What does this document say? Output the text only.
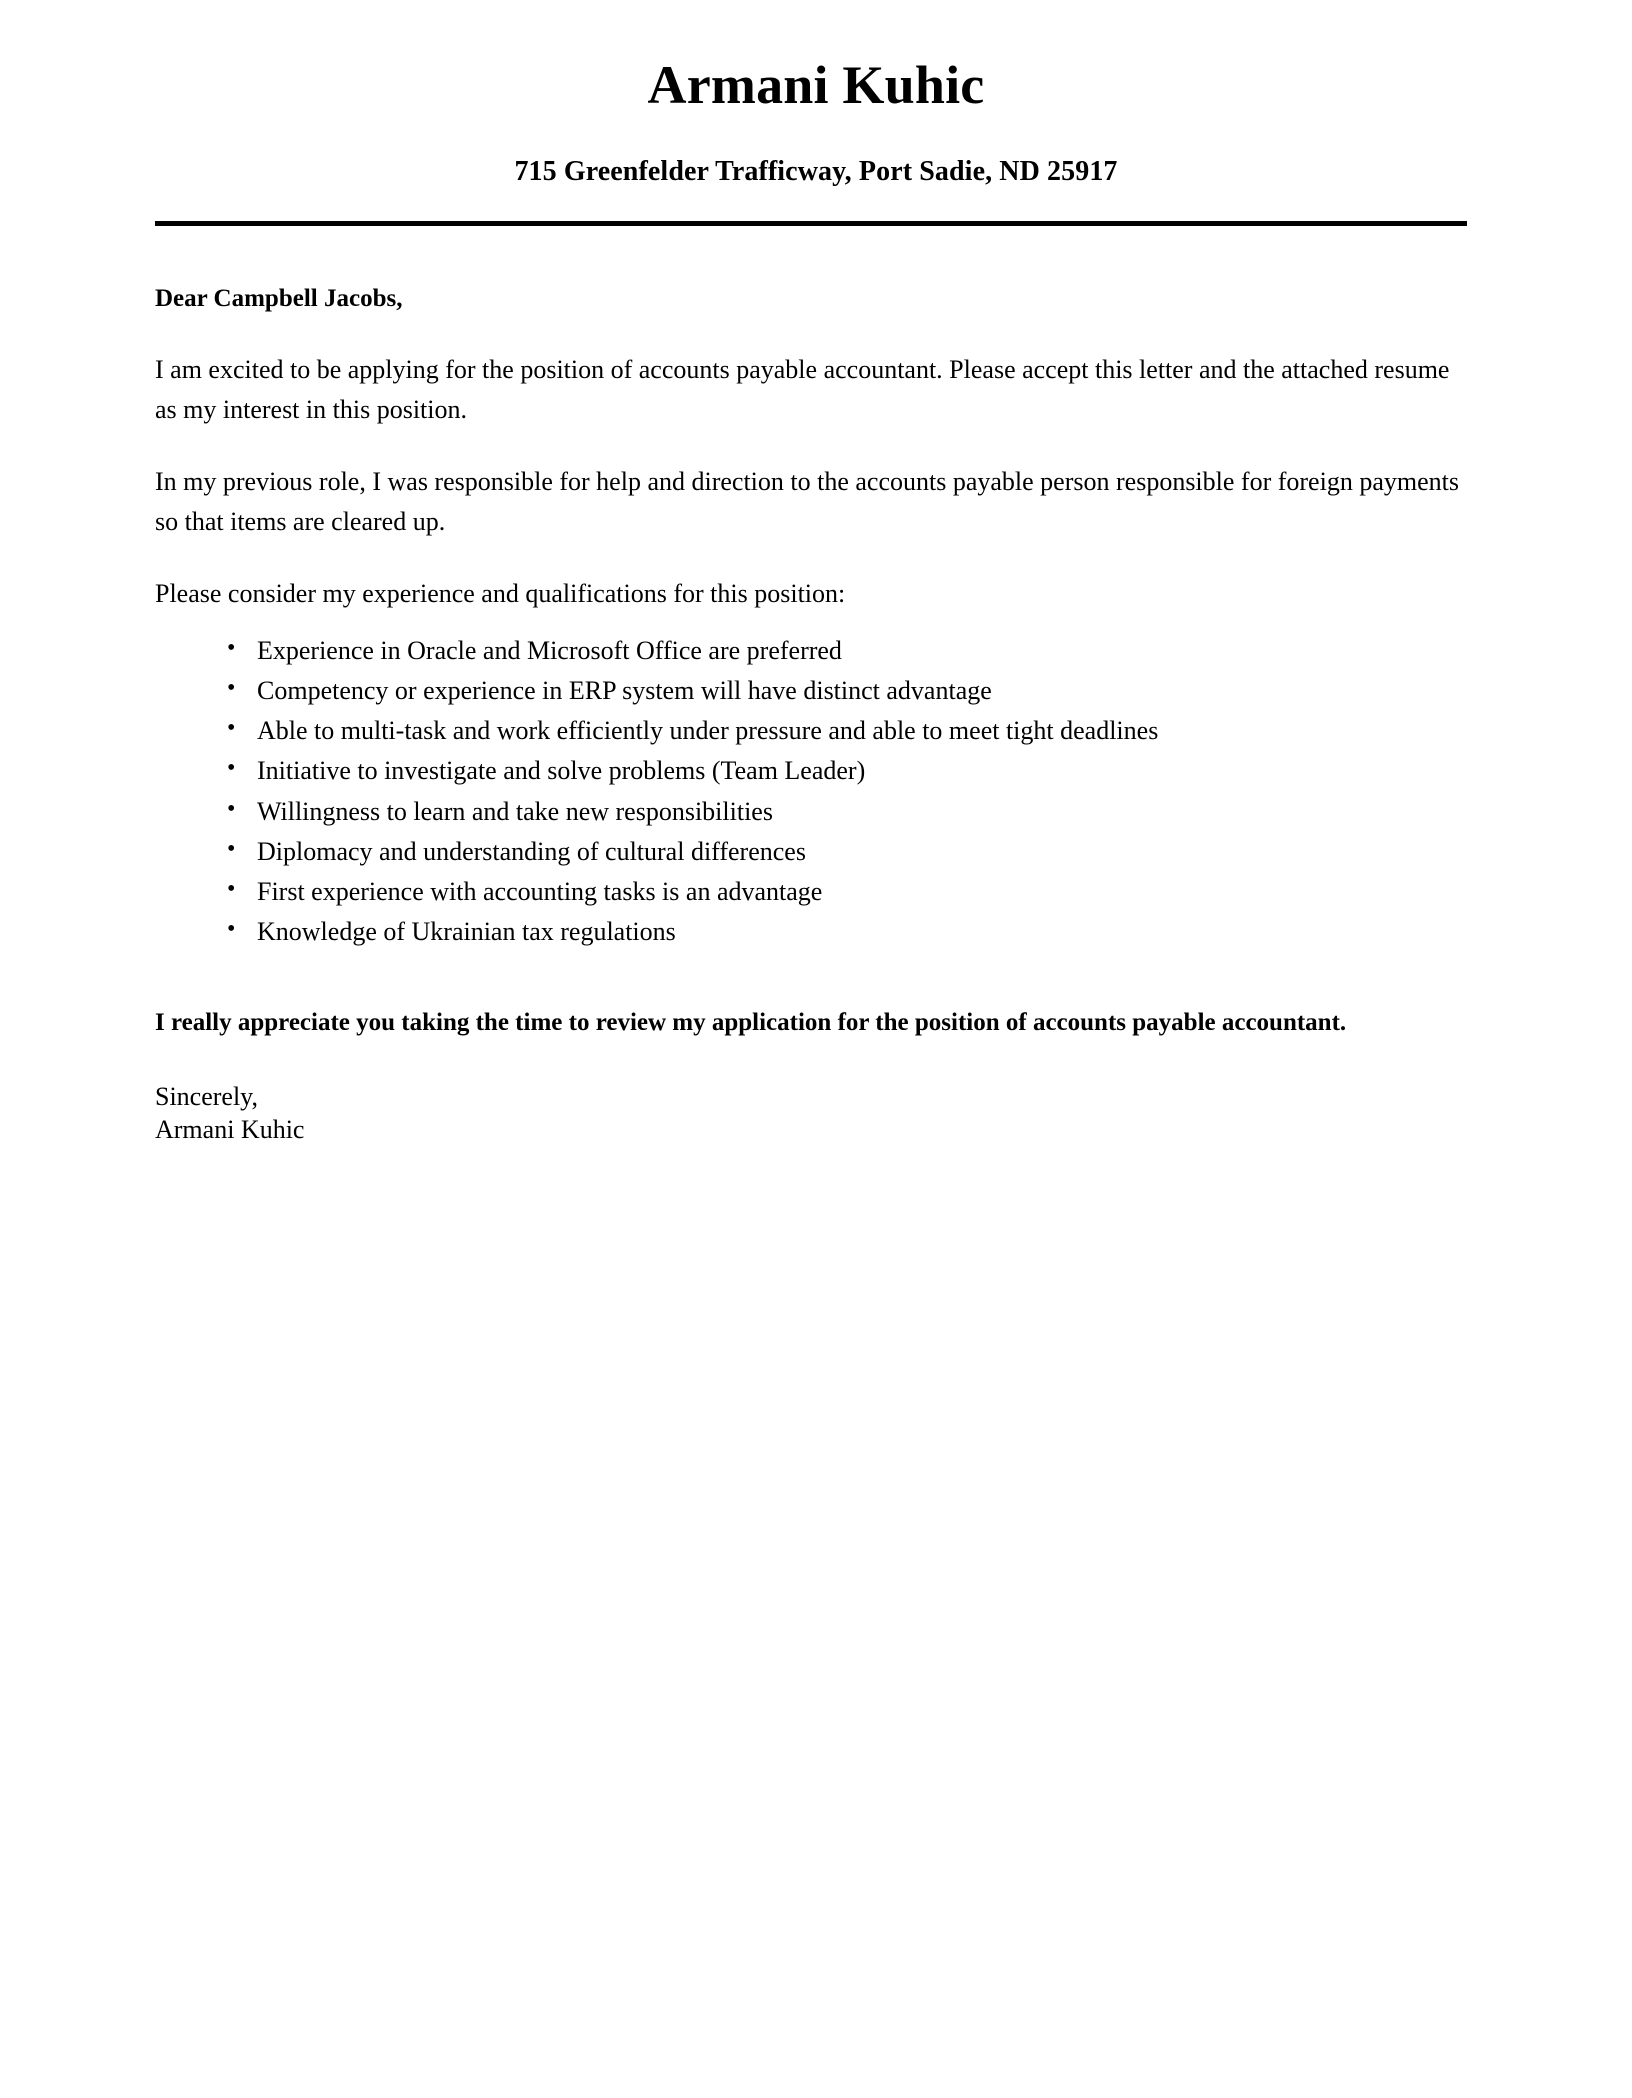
Armani Kuhic

715 Greenfelder Trafficway, Port Sadie, ND 25917

Dear Campbell Jacobs,

I am excited to be applying for the position of accounts payable accountant. Please accept this letter and the attached resume as my interest in this position.

In my previous role, I was responsible for help and direction to the accounts payable person responsible for foreign payments so that items are cleared up.

Please consider my experience and qualifications for this position:

• Experience in Oracle and Microsoft Office are preferred
• Competency or experience in ERP system will have distinct advantage
• Able to multi-task and work efficiently under pressure and able to meet tight deadlines
• Initiative to investigate and solve problems (Team Leader)
• Willingness to learn and take new responsibilities
• Diplomacy and understanding of cultural differences
• First experience with accounting tasks is an advantage
• Knowledge of Ukrainian tax regulations

I really appreciate you taking the time to review my application for the position of accounts payable accountant.

Sincerely,
Armani Kuhic
